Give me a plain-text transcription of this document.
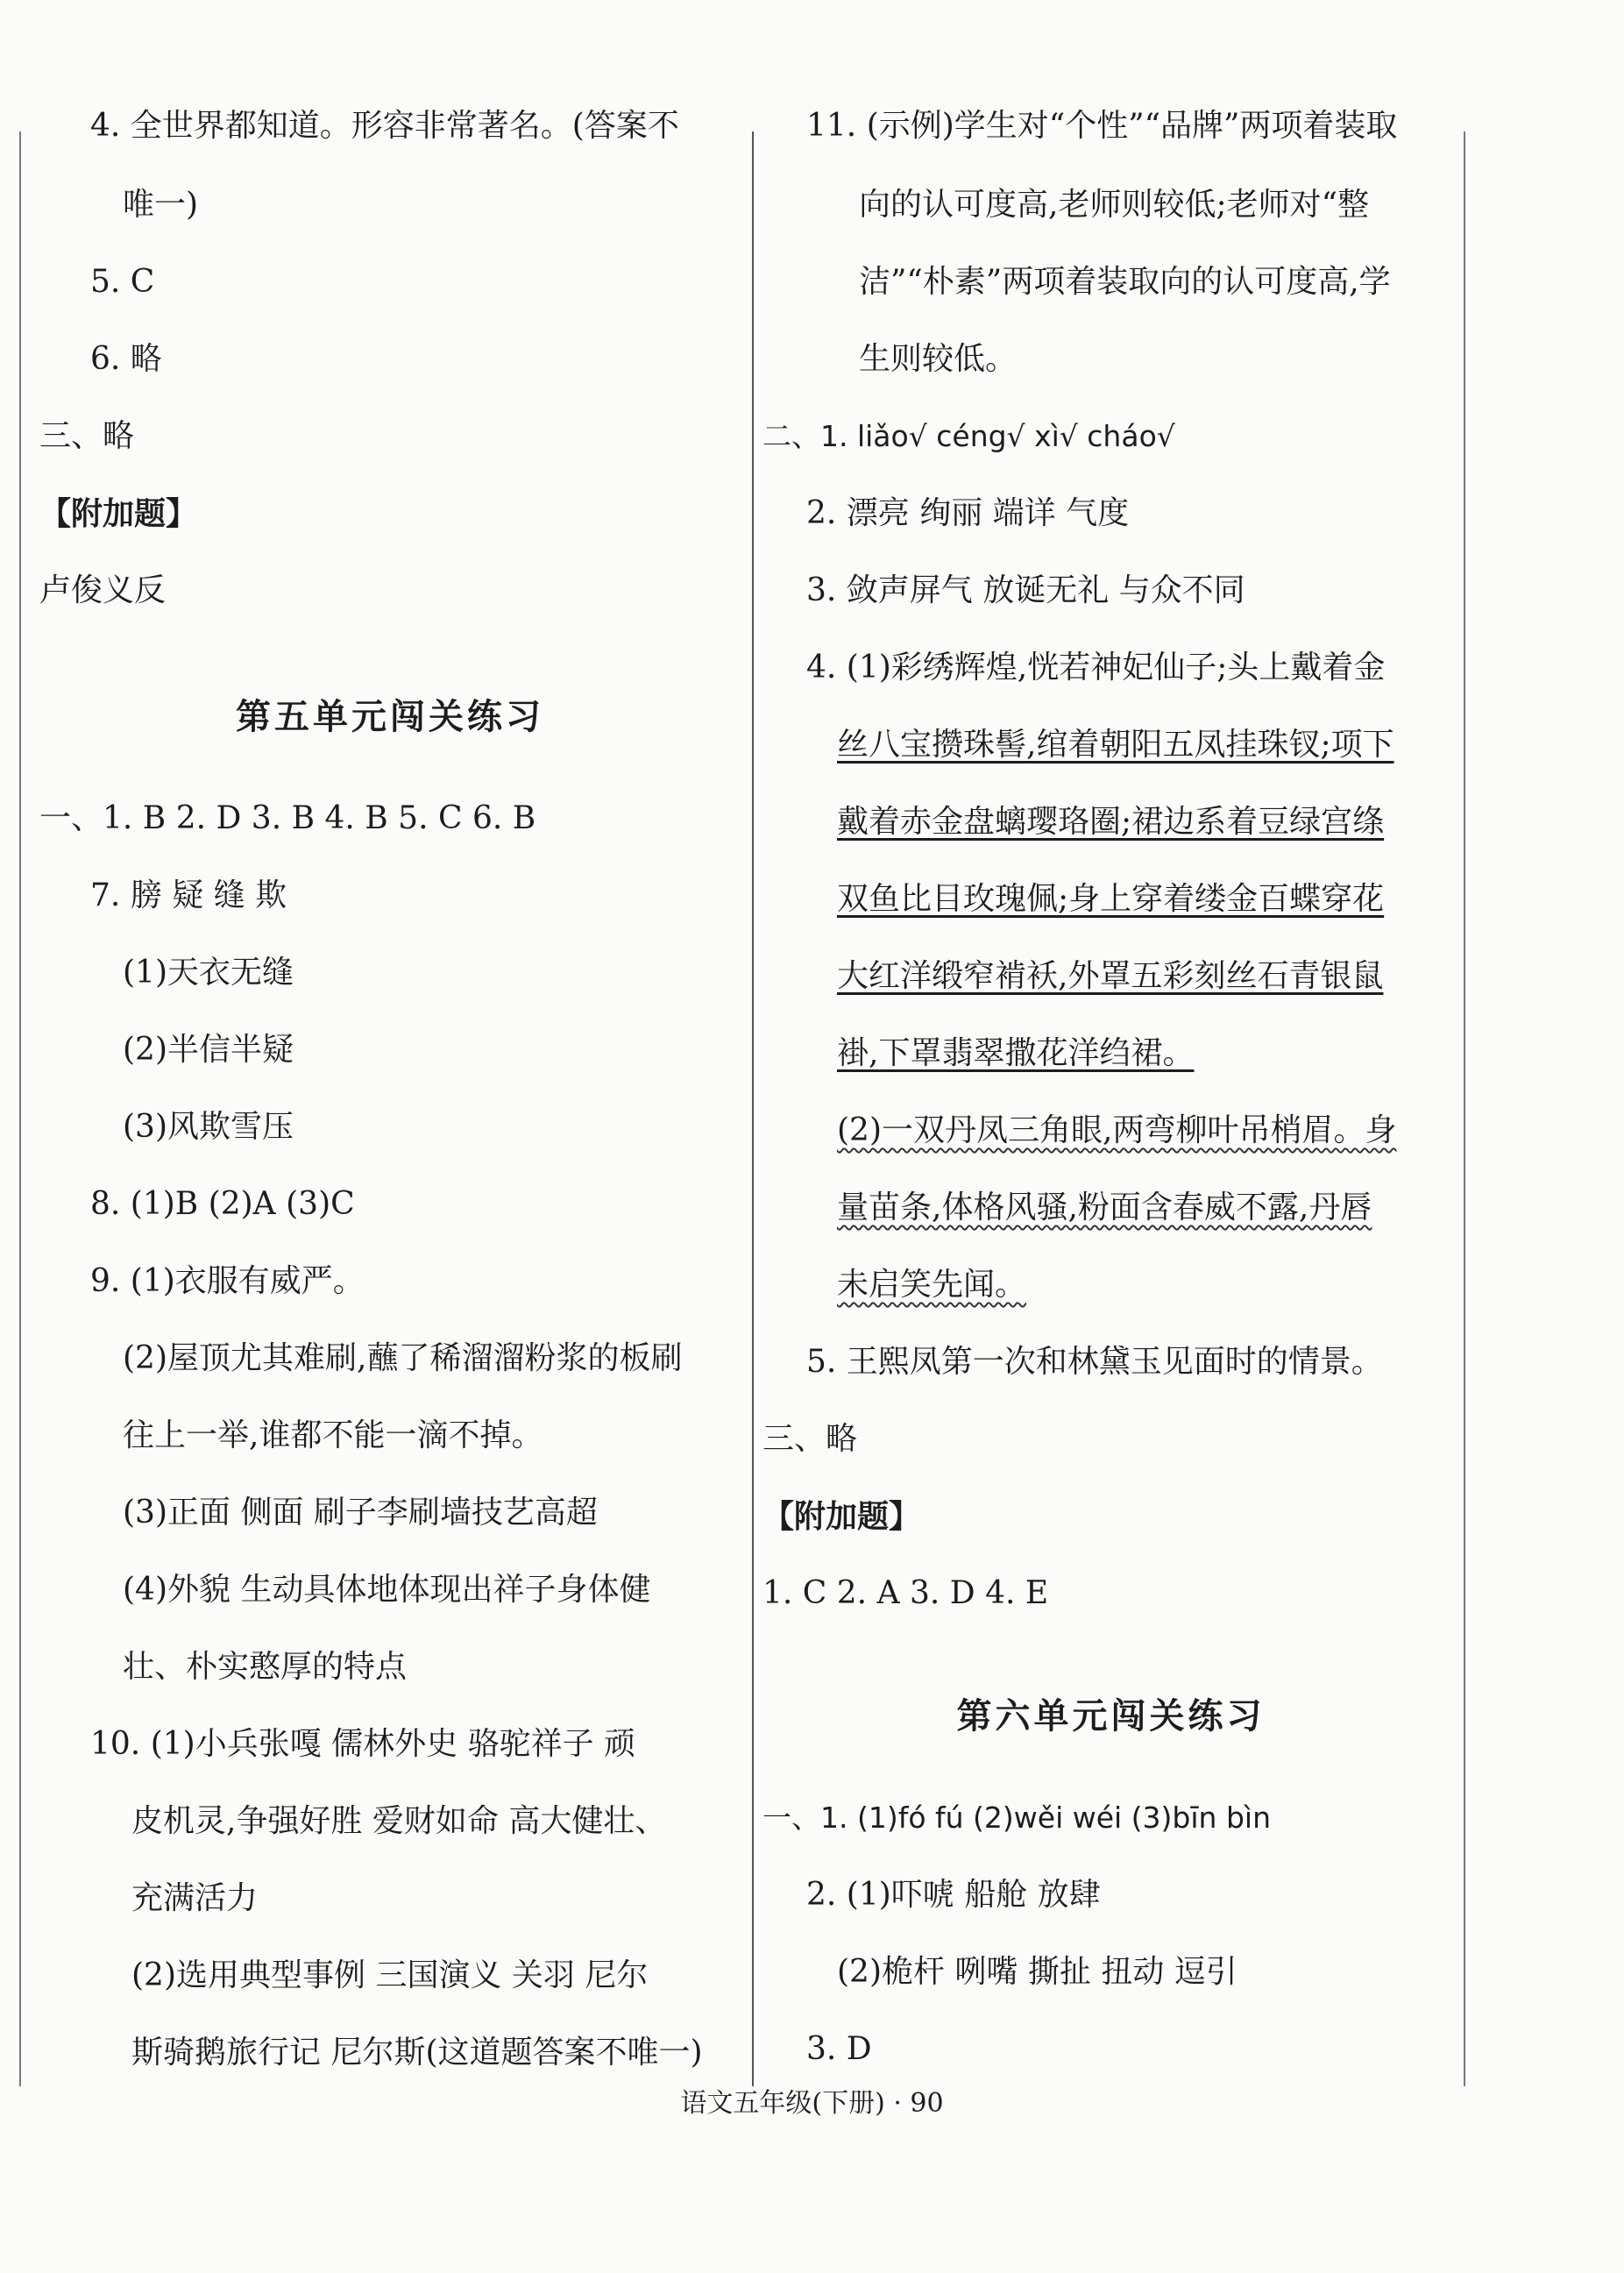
4. 全世界都知道。形容非常著名。(答案不
唯一)
5. C
6. 略
三、略
【附加题】
卢俊义反
第五单元闯关练习
一、1. B 2. D 3. B 4. B 5. C 6. B
7. 膀 疑 缝 欺
(1)天衣无缝
(2)半信半疑
(3)风欺雪压
8. (1)B (2)A (3)C
9. (1)衣服有威严。
(2)屋顶尤其难刷,蘸了稀溜溜粉浆的板刷
往上一举,谁都不能一滴不掉。
(3)正面 侧面 刷子李刷墙技艺高超
(4)外貌 生动具体地体现出祥子身体健
壮、朴实憨厚的特点
10. (1)小兵张嘎 儒林外史 骆驼祥子 顽
皮机灵,争强好胜 爱财如命 高大健壮、
充满活力
(2)选用典型事例 三国演义 关羽 尼尔
斯骑鹅旅行记 尼尔斯(这道题答案不唯一)
11. (示例)学生对“个性”“品牌”两项着装取
向的认可度高,老师则较低;老师对“整
洁”“朴素”两项着装取向的认可度高,学
生则较低。
二、1. liǎo√ céng√ xì√ cháo√
2. 漂亮 绚丽 端详 气度
3. 敛声屏气 放诞无礼 与众不同
4. (1)彩绣辉煌,恍若神妃仙子;头上戴着金
丝八宝攒珠髻,绾着朝阳五凤挂珠钗;项下
戴着赤金盘螭璎珞圈;裙边系着豆绿宫绦
双鱼比目玫瑰佩;身上穿着缕金百蝶穿花
大红洋缎窄褃袄,外罩五彩刻丝石青银鼠
褂,下罩翡翠撒花洋绉裙。
(2)一双丹凤三角眼,两弯柳叶吊梢眉。身
量苗条,体格风骚,粉面含春威不露,丹唇
未启笑先闻。
5. 王熙凤第一次和林黛玉见面时的情景。
三、略
【附加题】
1. C 2. A 3. D 4. E
第六单元闯关练习
一、1. (1)fó fú (2)wěi wéi (3)bīn bìn
2. (1)吓唬 船舱 放肆
(2)桅杆 咧嘴 撕扯 扭动 逗引
3. D
语文五年级(下册) · 90
